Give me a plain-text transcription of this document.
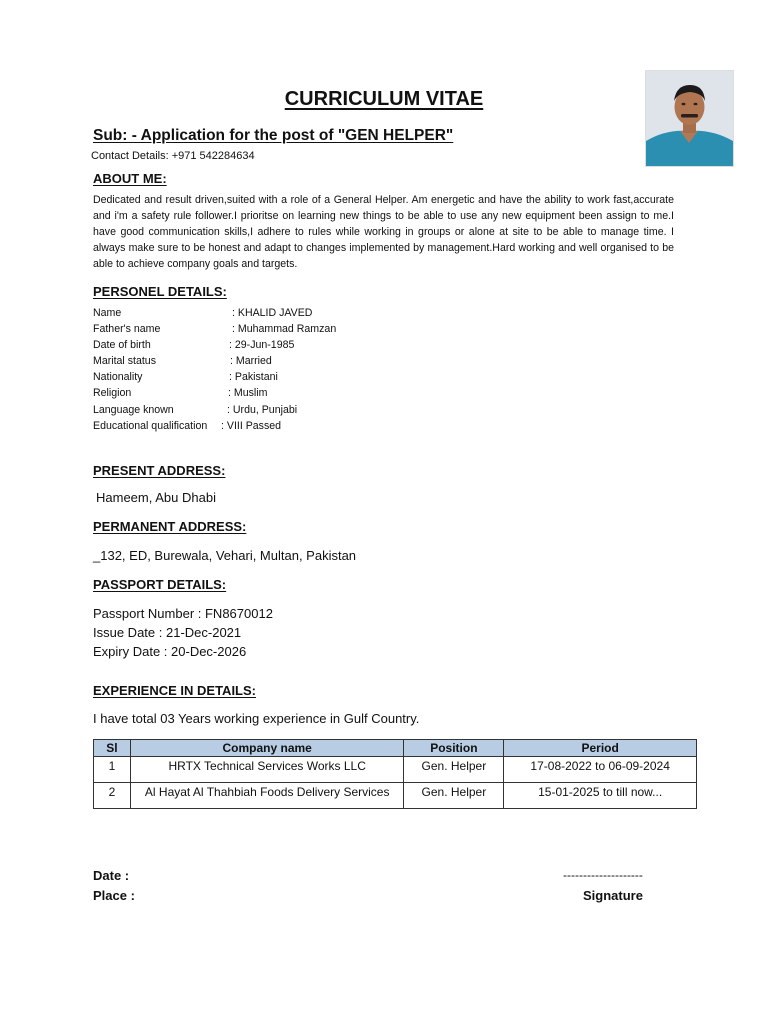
CURRICULUM VITAE
Sub: - Application for the post of "GEN HELPER"
Contact Details: +971 542284634
ABOUT ME:
Dedicated and result driven,suited with a role of a General Helper. Am energetic and have the ability to work fast,accurate and i'm a safety rule follower.I prioritse on learning new things to be able to use any new equipment been assign to me.I have good communication skills,I adhere to rules while working in groups or alone at site to be able to manage time. I always make sure to be honest and adapt to changes implemented by management.Hard working and well organised to be able to achieve company goals and targets.
PERSONEL DETAILS:
Name	: KHALID JAVED
Father's name	: Muhammad Ramzan
Date of birth	: 29-Jun-1985
Marital status	: Married
Nationality	: Pakistani
Religion	: Muslim
Language known	: Urdu, Punjabi
Educational qualification : VIII Passed
PRESENT ADDRESS:
Hameem, Abu Dhabi
PERMANENT ADDRESS:
_132, ED, Burewala, Vehari, Multan, Pakistan
PASSPORT DETAILS:
Passport Number : FN8670012
Issue Date : 21-Dec-2021
Expiry Date : 20-Dec-2026
EXPERIENCE IN DETAILS:
I have total 03 Years working experience in Gulf Country.
Sl	Company name	Position	Period
1	HRTX Technical Services Works LLC	Gen. Helper	17-08-2022 to 06-09-2024
2	Al Hayat Al Thahbiah Foods Delivery Services	Gen. Helper	15-01-2025 to till now...
Date :
Place :
--------------------
Signature
